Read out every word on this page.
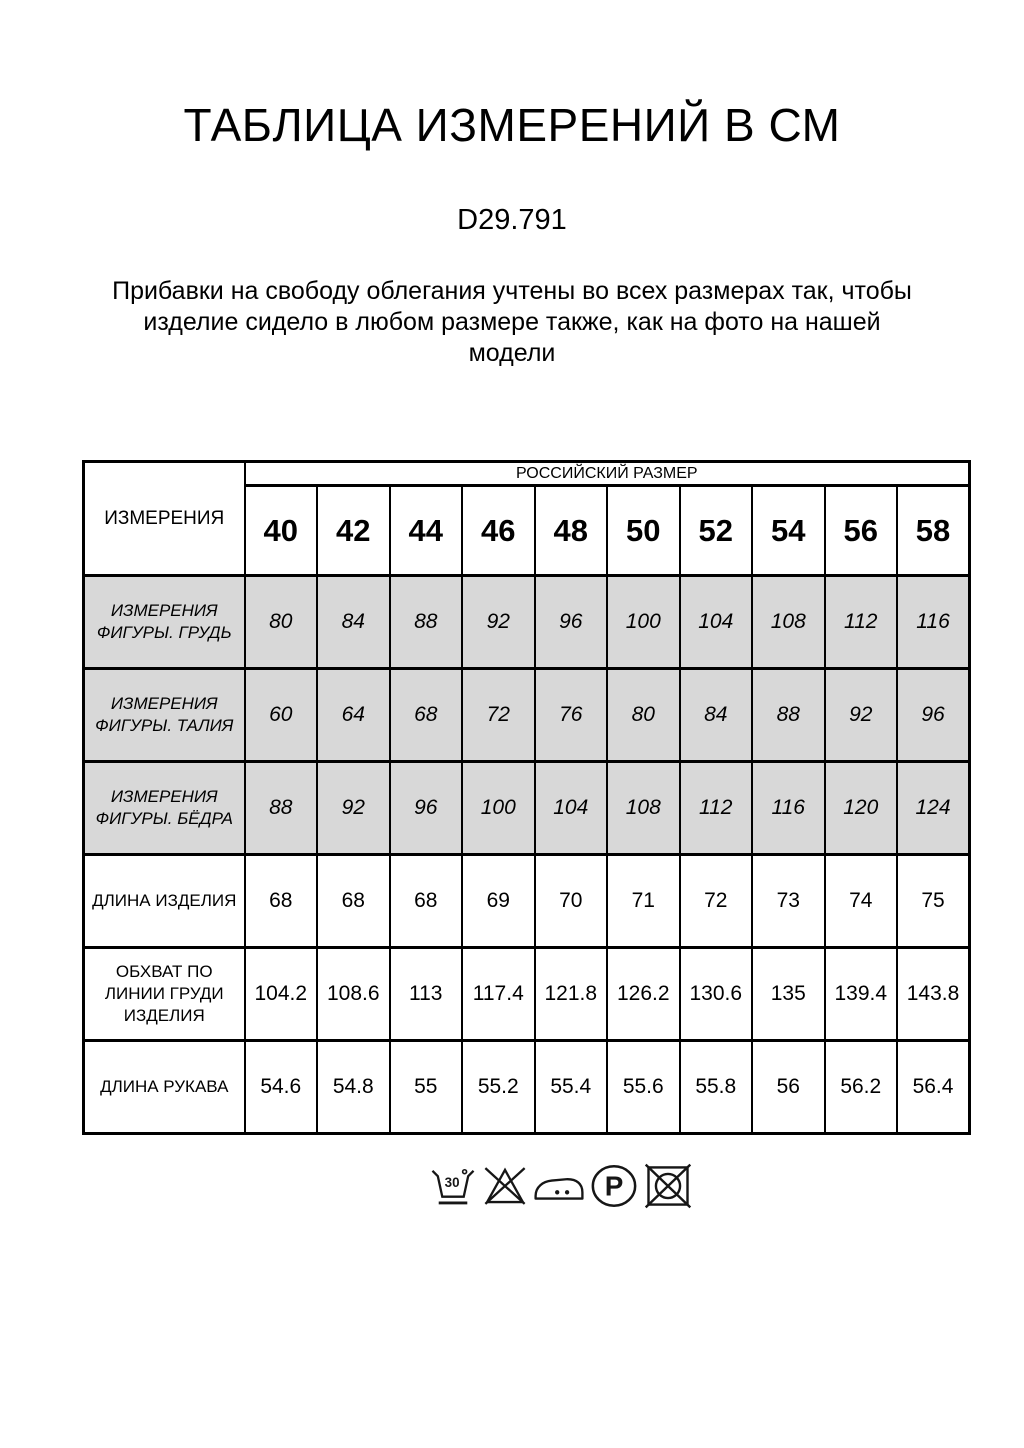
ТАБЛИЦА ИЗМЕРЕНИЙ В СМ
D29.791
Прибавки на свободу облегания учтены во всех размерах так, чтобы изделие сидело в любом размере также, как на фото на нашей модели
ИЗМЕРЕНИЯ	РОССИЙСКИЙ РАЗМЕР									
	40	42	44	46	48	50	52	54	56	58
ИЗМЕРЕНИЯ ФИГУРЫ. ГРУДЬ	80	84	88	92	96	100	104	108	112	116
ИЗМЕРЕНИЯ ФИГУРЫ. ТАЛИЯ	60	64	68	72	76	80	84	88	92	96
ИЗМЕРЕНИЯ ФИГУРЫ. БЁДРА	88	92	96	100	104	108	112	116	120	124
ДЛИНА ИЗДЕЛИЯ	68	68	68	69	70	71	72	73	74	75
ОБХВАТ ПО ЛИНИИ ГРУДИ ИЗДЕЛИЯ	104.2	108.6	113	117.4	121.8	126.2	130.6	135	139.4	143.8
ДЛИНА РУКАВА	54.6	54.8	55	55.2	55.4	55.6	55.8	56	56.2	56.4
30	P
